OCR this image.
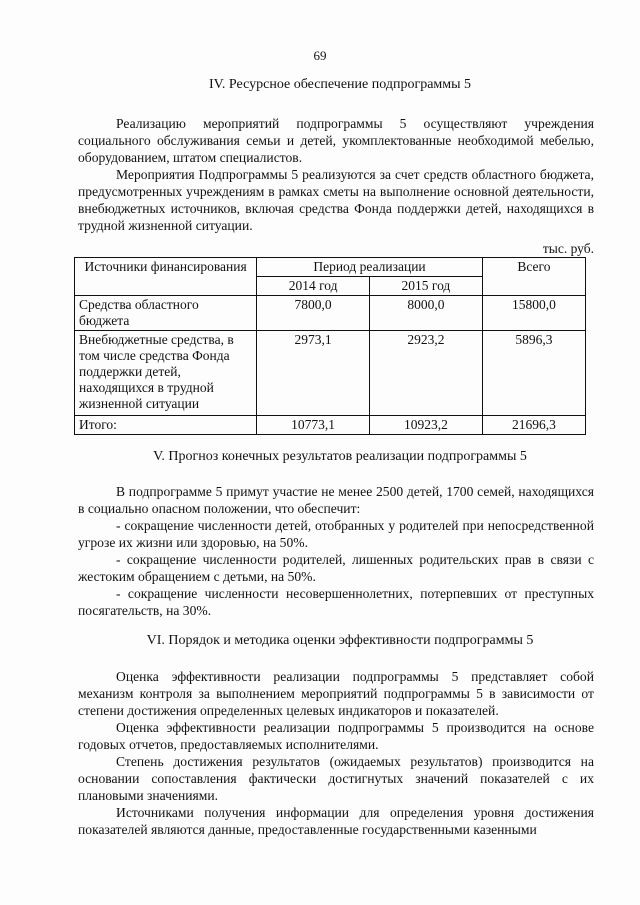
69
IV. Ресурсное обеспечение подпрограммы 5

Реализацию мероприятий подпрограммы 5 осуществляют учреждения социального обслуживания семьи и детей, укомплектованные необходимой мебелью, оборудованием, штатом специалистов.

Мероприятия Подпрограммы 5 реализуются за счет средств областного бюджета, предусмотренных учреждениям в рамках сметы на выполнение основной деятельности, внебюджетных источников, включая средства Фонда поддержки детей, находящихся в трудной жизненной ситуации.

тыс. руб.
Источники финансирования	Период реализации		Всего
	2014 год	2015 год	
Средства областного бюджета	7800,0	8000,0	15800,0
Внебюджетные средства, в том числе средства Фонда поддержки детей, находящихся в трудной жизненной ситуации	2973,1	2923,2	5896,3
Итого:	10773,1	10923,2	21696,3
V. Прогноз конечных результатов реализации подпрограммы 5

В подпрограмме 5 примут участие не менее 2500 детей, 1700 семей, находящихся в социально опасном положении, что обеспечит:

- сокращение численности детей, отобранных у родителей при непосредственной угрозе их жизни или здоровью, на 50%.

- сокращение численности родителей, лишенных родительских прав в связи с жестоким обращением с детьми, на 50%.

- сокращение численности несовершеннолетних, потерпевших от преступных посягательств, на 30%.

VI. Порядок и методика оценки эффективности подпрограммы 5

Оценка эффективности реализации подпрограммы 5 представляет собой механизм контроля за выполнением мероприятий подпрограммы 5 в зависимости от степени достижения определенных целевых индикаторов и показателей.

Оценка эффективности реализации подпрограммы 5 производится на основе годовых отчетов, предоставляемых исполнителями.

Степень достижения результатов (ожидаемых результатов) производится на основании сопоставления фактически достигнутых значений показателей с их плановыми значениями.

Источниками получения информации для определения уровня достижения показателей являются данные, предоставленные государственными казенными
